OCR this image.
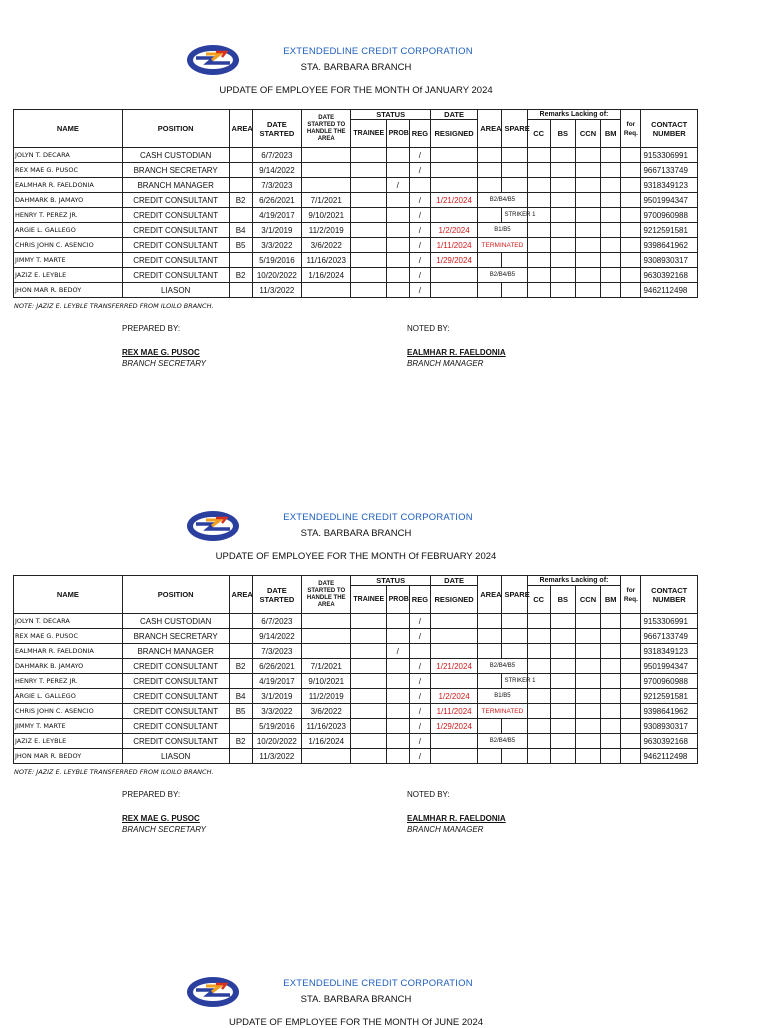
EXTENDEDLINE CREDIT CORPORATION
STA. BARBARA BRANCH
UPDATE OF EMPLOYEE FOR THE MONTH Of JANUARY 2024
NAME	POSITION	AREA	DATE STARTED	DATE STARTED TO HANDLE THE AREA	STATUS			DATE	AREA	SPARE	Remarks Lacking of:				for Req.	CONTACT NUMBER
					TRAINEE	PROB	REG	RESIGNED			CC	BS	CCN	BM		
JOLYN T. DECARA	CASH CUSTODIAN		6/7/2023				/									9153306991
REX MAE G. PUSOC	BRANCH SECRETARY		9/14/2022				/									9667133749
EALMHAR R. FAELDONIA	BRANCH MANAGER		7/3/2023			/										9318349123
DAHMARK B. JAMAYO	CREDIT CONSULTANT	B2	6/26/2021	7/1/2021			/	1/21/2024	B2/B4/B5							9501994347
HENRY T. PEREZ JR.	CREDIT CONSULTANT		4/19/2017	9/10/2021			/			STRIKER 1						9700960988
ARGIE L. GALLEGO	CREDIT CONSULTANT	B4	3/1/2019	11/2/2019			/	1/2/2024	B1/B5							9212591581
CHRIS JOHN C. ASENCIO	CREDIT CONSULTANT	B5	3/3/2022	3/6/2022			/	1/11/2024	TERMINATED							9398641962
JIMMY T. MARTE	CREDIT CONSULTANT		5/19/2016	11/16/2023			/	1/29/2024								9308930317
JAZIZ E. LEYBLE	CREDIT CONSULTANT	B2	10/20/2022	1/16/2024			/		B2/B4/B5							9630392168
JHON MAR R. BEDOY	LIASON		11/3/2022				/									9462112498
NOTE: JAZIZ E. LEYBLE TRANSFERRED FROM ILOILO BRANCH.
PREPARED BY:
REX MAE G. PUSOC
BRANCH SECRETARY
NOTED BY:
EALMHAR R. FAELDONIA
BRANCH MANAGER
EXTENDEDLINE CREDIT CORPORATION
STA. BARBARA BRANCH
UPDATE OF EMPLOYEE FOR THE MONTH Of FEBRUARY 2024
NAME	POSITION	AREA	DATE STARTED	DATE STARTED TO HANDLE THE AREA	STATUS			DATE	AREA	SPARE	Remarks Lacking of:				for Req.	CONTACT NUMBER
					TRAINEE	PROB	REG	RESIGNED			CC	BS	CCN	BM		
JOLYN T. DECARA	CASH CUSTODIAN		6/7/2023				/									9153306991
REX MAE G. PUSOC	BRANCH SECRETARY		9/14/2022				/									9667133749
EALMHAR R. FAELDONIA	BRANCH MANAGER		7/3/2023			/										9318349123
DAHMARK B. JAMAYO	CREDIT CONSULTANT	B2	6/26/2021	7/1/2021			/	1/21/2024	B2/B4/B5							9501994347
HENRY T. PEREZ JR.	CREDIT CONSULTANT		4/19/2017	9/10/2021			/			STRIKER 1						9700960988
ARGIE L. GALLEGO	CREDIT CONSULTANT	B4	3/1/2019	11/2/2019			/	1/2/2024	B1/B5							9212591581
CHRIS JOHN C. ASENCIO	CREDIT CONSULTANT	B5	3/3/2022	3/6/2022			/	1/11/2024	TERMINATED							9398641962
JIMMY T. MARTE	CREDIT CONSULTANT		5/19/2016	11/16/2023			/	1/29/2024								9308930317
JAZIZ E. LEYBLE	CREDIT CONSULTANT	B2	10/20/2022	1/16/2024			/		B2/B4/B5							9630392168
JHON MAR R. BEDOY	LIASON		11/3/2022				/									9462112498
NOTE: JAZIZ E. LEYBLE TRANSFERRED FROM ILOILO BRANCH.
PREPARED BY:
REX MAE G. PUSOC
BRANCH SECRETARY
NOTED BY:
EALMHAR R. FAELDONIA
BRANCH MANAGER
EXTENDEDLINE CREDIT CORPORATION
STA. BARBARA BRANCH
UPDATE OF EMPLOYEE FOR THE MONTH Of JUNE 2024
